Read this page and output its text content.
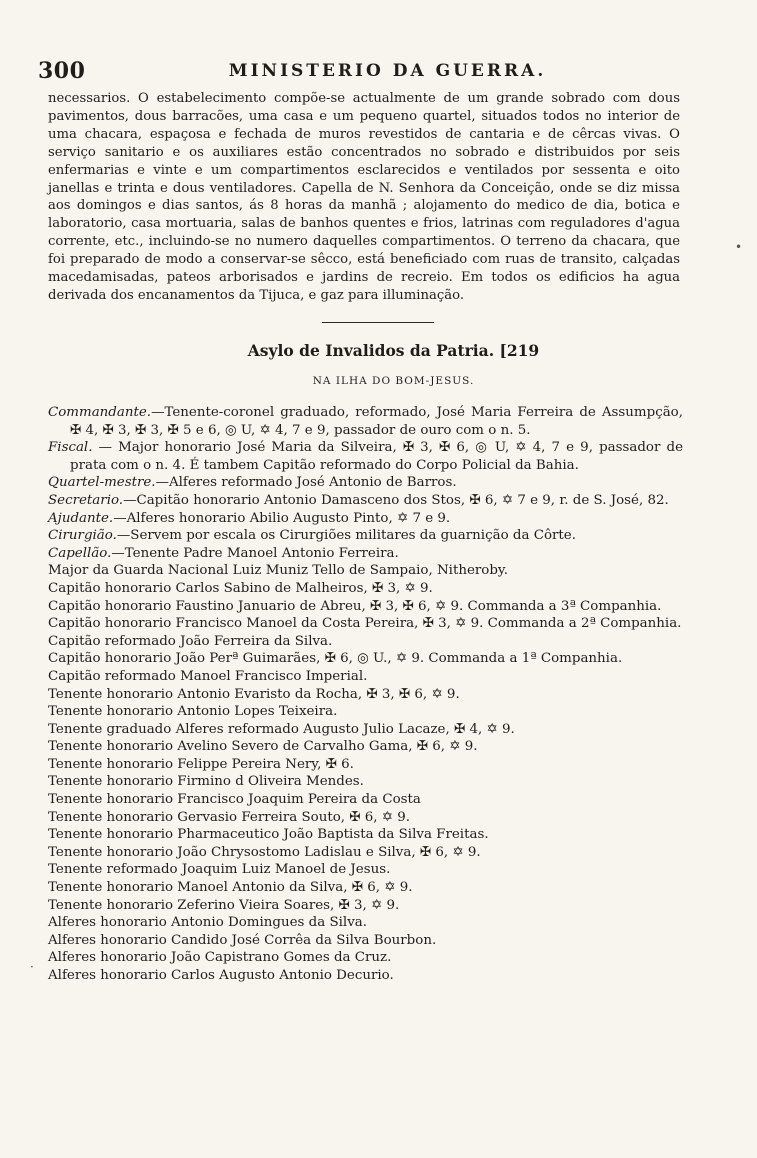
300	MINISTERIO DA GUERRA.

necessarios. O estabelecimento compõe-se actualmente de um grande sobrado com dous pavimentos, dous barracões, uma casa e um pequeno quartel, situados todos no interior de uma chacara, espaçosa e fechada de muros revestidos de cantaria e de cêrcas vivas. O serviço sanitario e os auxiliares estão concentrados no sobrado e distribuidos por seis enfermarias e vinte e um compartimentos esclarecidos e ventilados por sessenta e oito janellas e trinta e dous ventiladores. Capella de N. Senhora da Conceição, onde se diz missa aos domingos e dias santos, ás 8 horas da manhã ; alojamento do medico de dia, botica e laboratorio, casa mortuaria, salas de banhos quentes e frios, latrinas com reguladores d'agua corrente, etc., incluindo-se no numero daquelles compartimentos. O terreno da chacara, que foi preparado de modo a conservar-se sêcco, está beneficiado com ruas de transito, calçadas macedamisadas, pateos arborisados e jardins de recreio. Em todos os edificios ha agua derivada dos encanamentos da Tijuca, e gaz para illuminação.

Asylo de Invalidos da Patria. [219
NA ILHA DO BOM-JESUS.

Commandante.—Tenente-coronel graduado, reformado, José Maria Ferreira de Assumpção, ✠ 4, ✠ 3, ✠ 3, ✠ 5 e 6, ◎ U, ✡ 4, 7 e 9, passador de ouro com o n. 5.

Fiscal. — Major honorario José Maria da Silveira, ✠ 3, ✠ 6, ◎ U, ✡ 4, 7 e 9, passador de prata com o n. 4. É tambem Capitão reformado do Corpo Policial da Bahia.

Quartel-mestre.—Alferes reformado José Antonio de Barros.

Secretario.—Capitão honorario Antonio Damasceno dos Stos, ✠ 6, ✡ 7 e 9, r. de S. José, 82.

Ajudante.—Alferes honorario Abilio Augusto Pinto, ✡ 7 e 9.

Cirurgião.—Servem por escala os Cirurgiões militares da guarnição da Côrte.

Capellão.—Tenente Padre Manoel Antonio Ferreira.

Major da Guarda Nacional Luiz Muniz Tello de Sampaio, Nitheroby.

Capitão honorario Carlos Sabino de Malheiros, ✠ 3, ✡ 9.

Capitão honorario Faustino Januario de Abreu, ✠ 3, ✠ 6, ✡ 9. Commanda a 3ª Companhia.

Capitão honorario Francisco Manoel da Costa Pereira, ✠ 3, ✡ 9. Commanda a 2ª Companhia.

Capitão reformado João Ferreira da Silva.

Capitão honorario João Perª Guimarães, ✠ 6, ◎ U., ✡ 9. Commanda a 1ª Companhia.

Capitão reformado Manoel Francisco Imperial.

Tenente honorario Antonio Evaristo da Rocha, ✠ 3, ✠ 6, ✡ 9.

Tenente honorario Antonio Lopes Teixeira.

Tenente graduado Alferes reformado Augusto Julio Lacaze, ✠ 4, ✡ 9.

Tenente honorario Avelino Severo de Carvalho Gama, ✠ 6, ✡ 9.

Tenente honorario Felippe Pereira Nery, ✠ 6.

Tenente honorario Firmino d Oliveira Mendes.

Tenente honorario Francisco Joaquim Pereira da Costa

Tenente honorario Gervasio Ferreira Souto, ✠ 6, ✡ 9.

Tenente honorario Pharmaceutico João Baptista da Silva Freitas.

Tenente honorario João Chrysostomo Ladislau e Silva, ✠ 6, ✡ 9.

Tenente reformado Joaquim Luiz Manoel de Jesus.

Tenente honorario Manoel Antonio da Silva, ✠ 6, ✡ 9.

Tenente honorario Zeferino Vieira Soares, ✠ 3, ✡ 9.

Alferes honorario Antonio Domingues da Silva.

Alferes honorario Candido José Corrêa da Silva Bourbon.

Alferes honorario João Capistrano Gomes da Cruz.

Alferes honorario Carlos Augusto Antonio Decurio.

•
·
